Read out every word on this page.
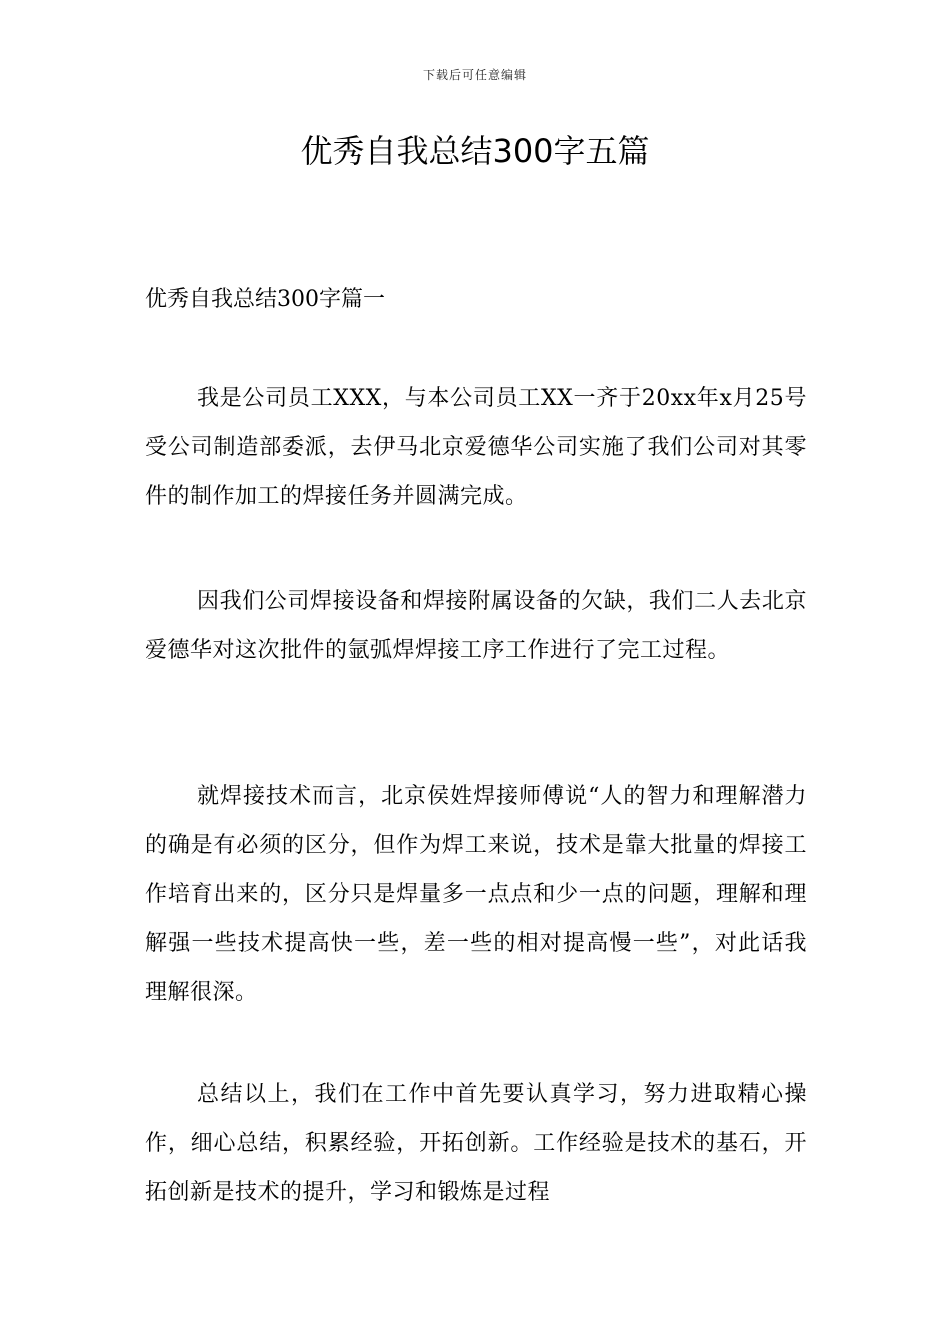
下载后可任意编辑
优秀自我总结300字五篇
优秀自我总结300字篇一

我是公司员工XXX，与本公司员工XX一齐于20xx年x月25号受公司制造部委派，去伊马北京爱德华公司实施了我们公司对其零件的制作加工的焊接任务并圆满完成。

因我们公司焊接设备和焊接附属设备的欠缺，我们二人去北京爱德华对这次批件的氩弧焊焊接工序工作进行了完工过程。

就焊接技术而言，北京侯姓焊接师傅说“人的智力和理解潜力的确是有必须的区分，但作为焊工来说，技术是靠大批量的焊接工作培育出来的，区分只是焊量多一点点和少一点的问题，理解和理解强一些技术提高快一些，差一些的相对提高慢一些”，对此话我理解很深。

总结以上，我们在工作中首先要认真学习，努力进取精心操作，细心总结，积累经验，开拓创新。工作经验是技术的基石，开拓创新是技术的提升，学习和锻炼是过程
